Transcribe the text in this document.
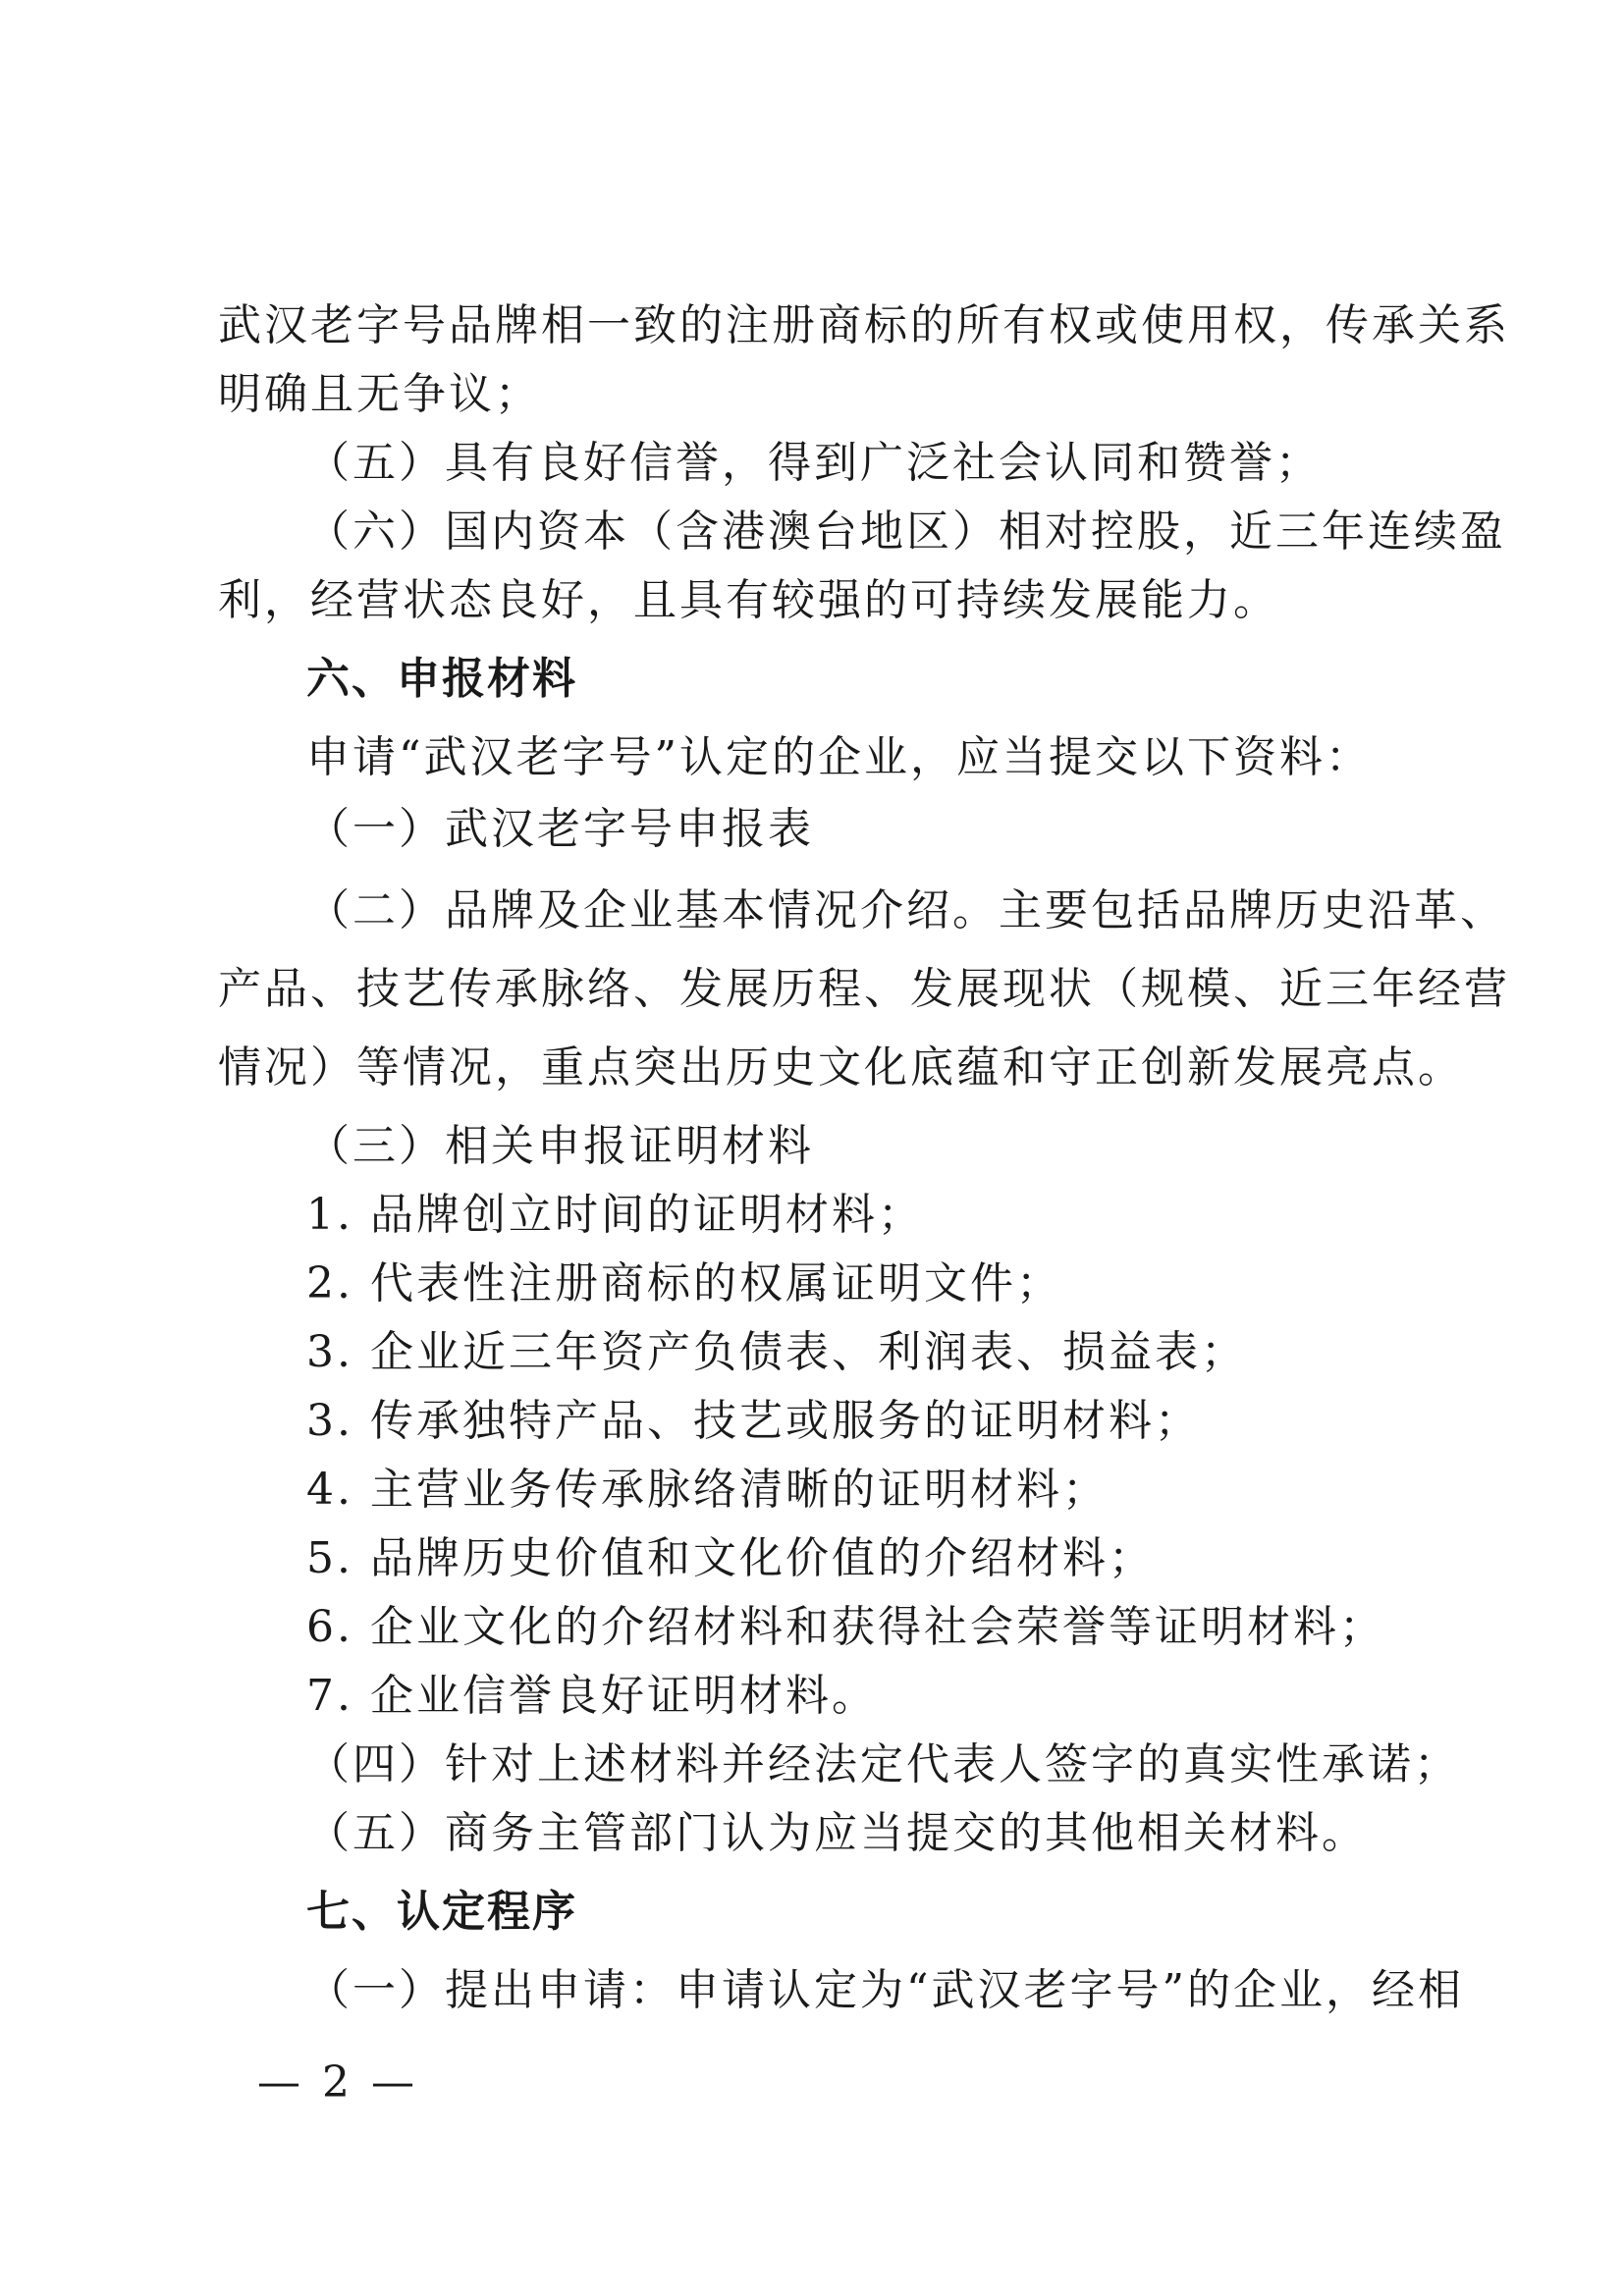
武汉老字号品牌相一致的注册商标的所有权或使用权，传承关系
明确且无争议；
（五）具有良好信誉，得到广泛社会认同和赞誉；
（六）国内资本（含港澳台地区）相对控股，近三年连续盈
利，经营状态良好，且具有较强的可持续发展能力。
六、申报材料
申请“武汉老字号”认定的企业，应当提交以下资料：
（一）武汉老字号申报表
（二）品牌及企业基本情况介绍。主要包括品牌历史沿革、
产品、技艺传承脉络、发展历程、发展现状（规模、近三年经营
情况）等情况，重点突出历史文化底蕴和守正创新发展亮点。
（三）相关申报证明材料
1. 品牌创立时间的证明材料；
2. 代表性注册商标的权属证明文件；
3. 企业近三年资产负债表、利润表、损益表；
3. 传承独特产品、技艺或服务的证明材料；
4. 主营业务传承脉络清晰的证明材料；
5. 品牌历史价值和文化价值的介绍材料；
6. 企业文化的介绍材料和获得社会荣誉等证明材料；
7. 企业信誉良好证明材料。
（四）针对上述材料并经法定代表人签字的真实性承诺；
（五）商务主管部门认为应当提交的其他相关材料。
七、认定程序
（一）提出申请：申请认定为“武汉老字号”的企业，经相
— 2 —
